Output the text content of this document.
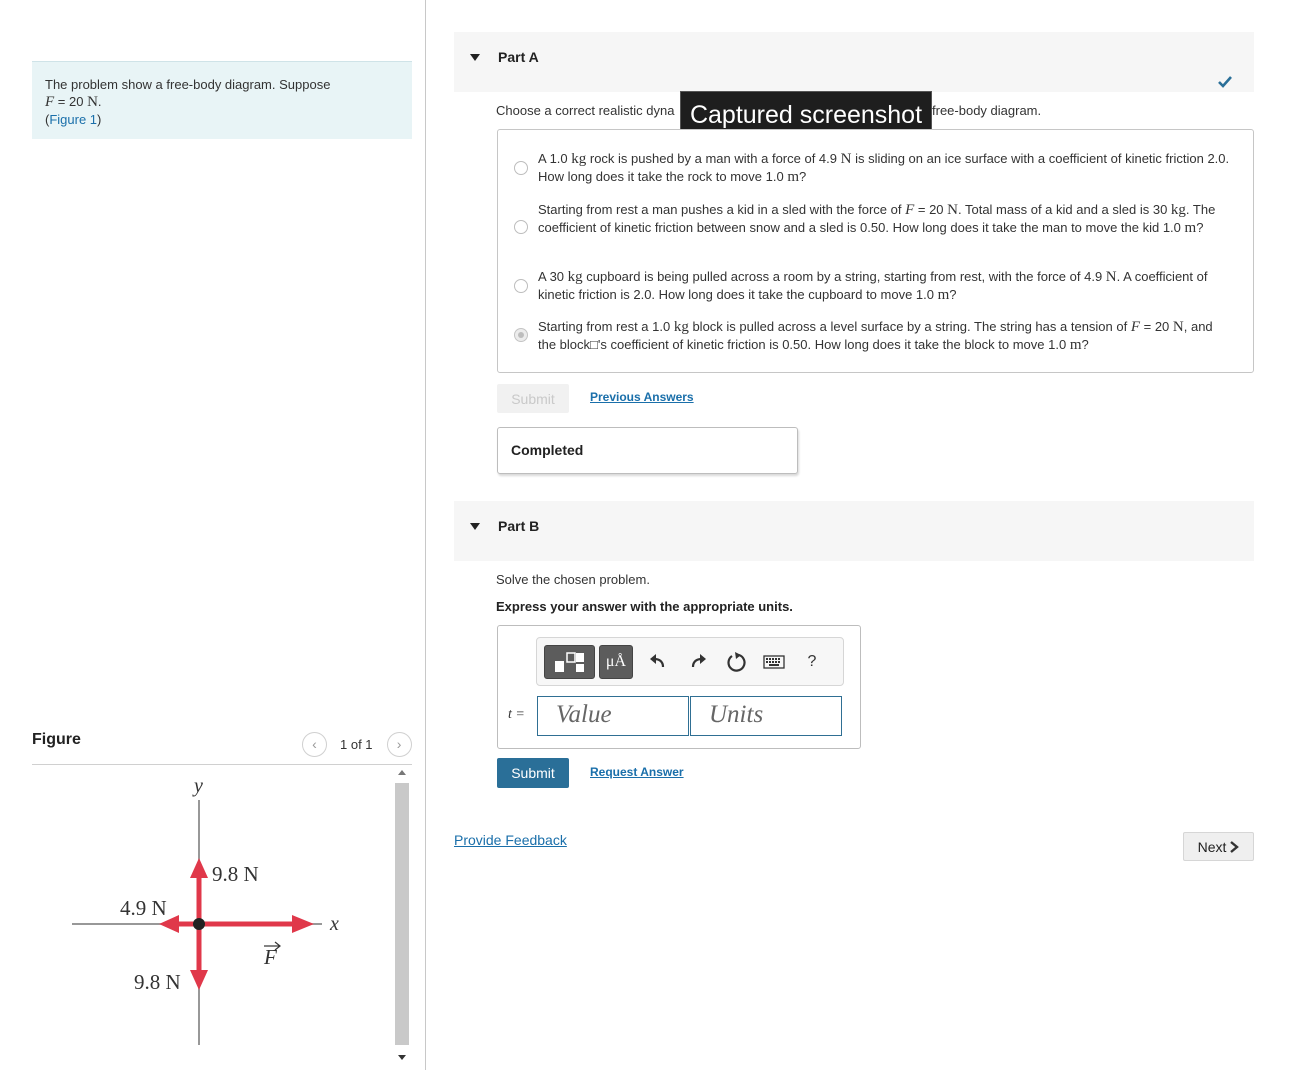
The problem show a free-body diagram. Suppose
F = 20 N.
(Figure 1)
Figure	‹ 1 of 1 ›
y
x
9.8 N
4.9 N
9.8 N
F
Part A
Choose a correct realistic dyna	free-body diagram.
Captured screenshot
A 1.0 kg rock is pushed by a man with a force of 4.9 N is sliding on an ice surface with a coefficient of kinetic friction 2.0. How long does it take the rock to move 1.0 m?
Starting from rest a man pushes a kid in a sled with the force of F = 20 N. Total mass of a kid and a sled is 30 kg. The coefficient of kinetic friction between snow and a sled is 0.50. How long does it take the man to move the kid 1.0 m?
A 30 kg cupboard is being pulled across a room by a string, starting from rest, with the force of 4.9 N. A coefficient of kinetic friction is 2.0. How long does it take the cupboard to move 1.0 m?
Starting from rest a 1.0 kg block is pulled across a level surface by a string. The string has a tension of F = 20 N, and the block□'s coefficient of kinetic friction is 0.50. How long does it take the block to move 1.0 m?
Submit	Previous Answers
Completed
Part B
Solve the chosen problem.
Express your answer with the appropriate units.
μÅ	?
t =	Value	Units
Submit	Request Answer
Provide Feedback	Next
